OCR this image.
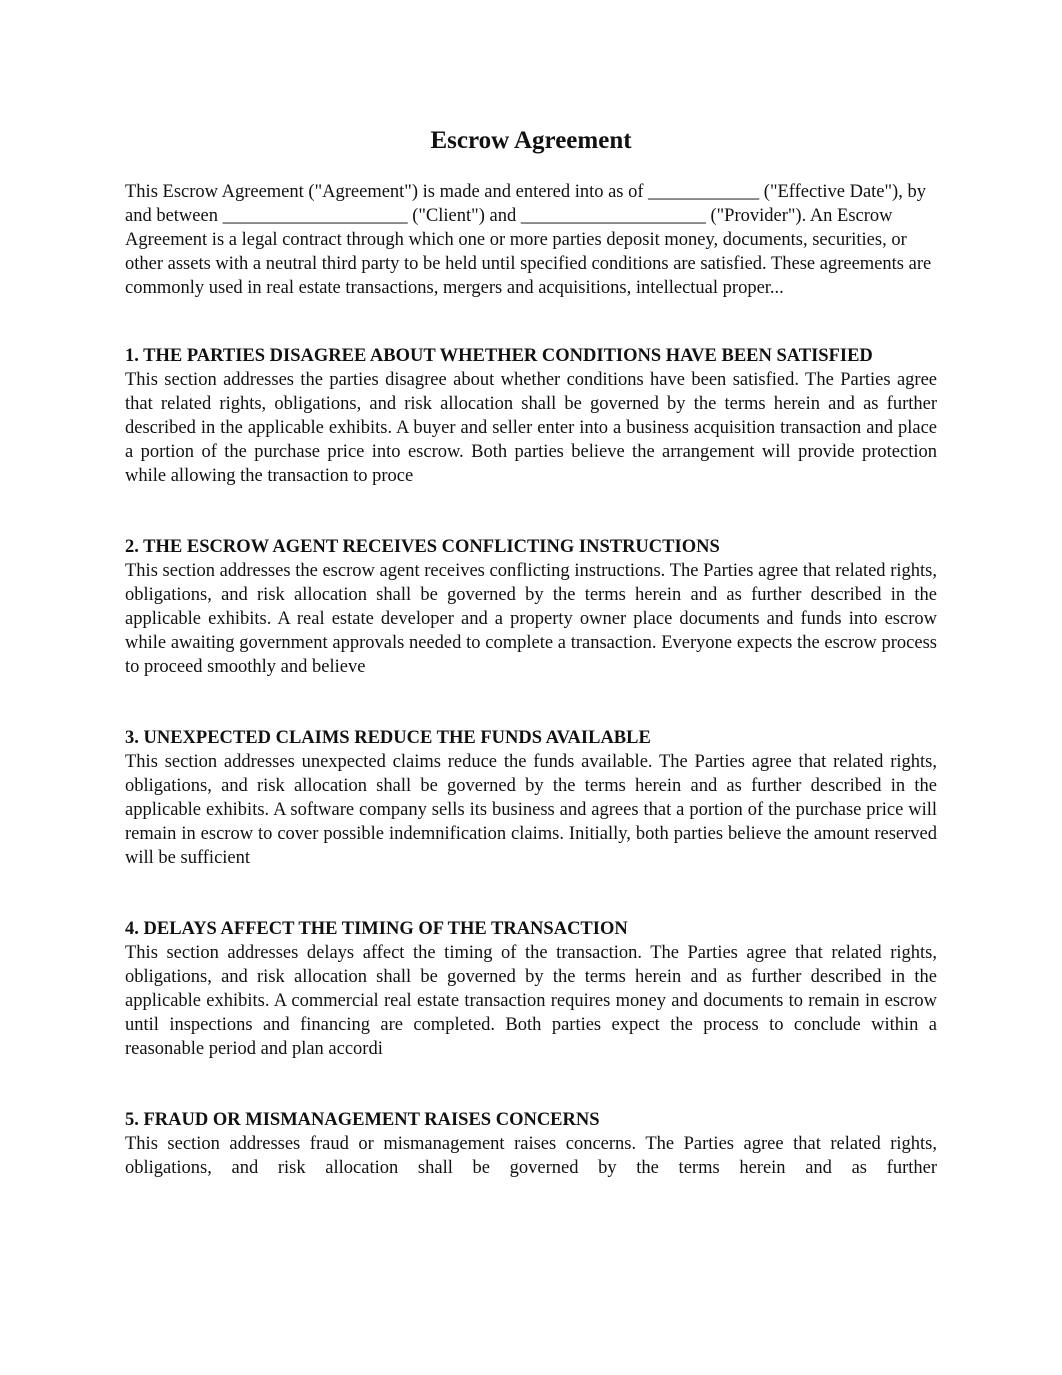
Escrow Agreement

This Escrow Agreement ("Agreement") is made and entered into as of ____________ ("Effective Date"), by and between ____________________ ("Client") and ____________________ ("Provider"). An Escrow Agreement is a legal contract through which one or more parties deposit money, documents, securities, or other assets with a neutral third party to be held until specified conditions are satisfied. These agreements are commonly used in real estate transactions, mergers and acquisitions, intellectual proper...

1. THE PARTIES DISAGREE ABOUT WHETHER CONDITIONS HAVE BEEN SATISFIED

This section addresses the parties disagree about whether conditions have been satisfied. The Parties agree that related rights, obligations, and risk allocation shall be governed by the terms herein and as further described in the applicable exhibits. A buyer and seller enter into a business acquisition transaction and place a portion of the purchase price into escrow. Both parties believe the arrangement will provide protection while allowing the transaction to proce

2. THE ESCROW AGENT RECEIVES CONFLICTING INSTRUCTIONS

This section addresses the escrow agent receives conflicting instructions. The Parties agree that related rights, obligations, and risk allocation shall be governed by the terms herein and as further described in the applicable exhibits. A real estate developer and a property owner place documents and funds into escrow while awaiting government approvals needed to complete a transaction. Everyone expects the escrow process to proceed smoothly and believe

3. UNEXPECTED CLAIMS REDUCE THE FUNDS AVAILABLE

This section addresses unexpected claims reduce the funds available. The Parties agree that related rights, obligations, and risk allocation shall be governed by the terms herein and as further described in the applicable exhibits. A software company sells its business and agrees that a portion of the purchase price will remain in escrow to cover possible indemnification claims. Initially, both parties believe the amount reserved will be sufficient

4. DELAYS AFFECT THE TIMING OF THE TRANSACTION

This section addresses delays affect the timing of the transaction. The Parties agree that related rights, obligations, and risk allocation shall be governed by the terms herein and as further described in the applicable exhibits. A commercial real estate transaction requires money and documents to remain in escrow until inspections and financing are completed. Both parties expect the process to conclude within a reasonable period and plan accordi

5. FRAUD OR MISMANAGEMENT RAISES CONCERNS

This section addresses fraud or mismanagement raises concerns. The Parties agree that related rights, obligations, and risk allocation shall be governed by the terms herein and as further
